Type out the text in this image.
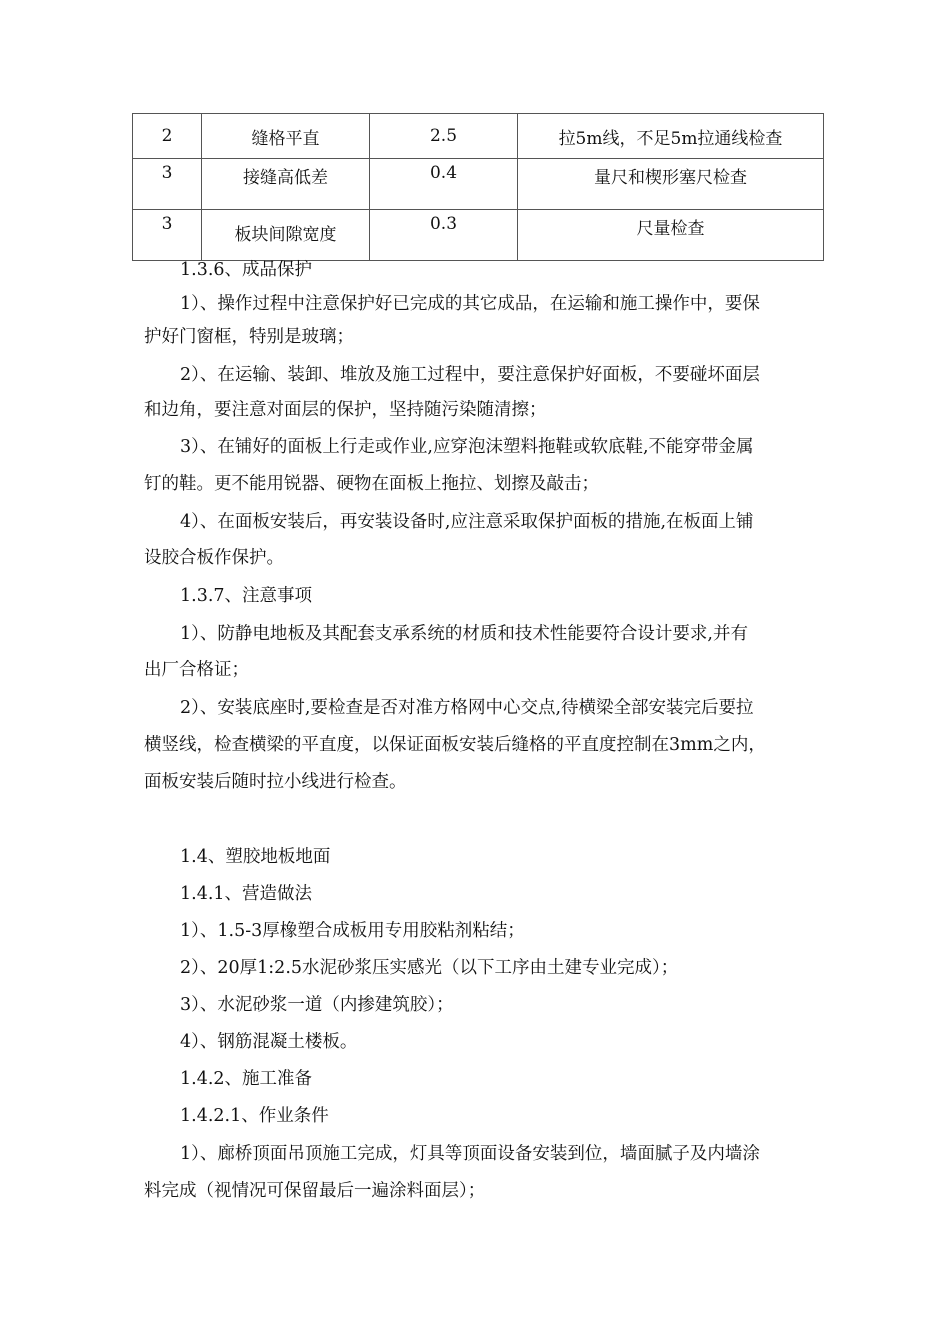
2	缝格平直	2.5	拉5m线，不足5m拉通线检查
3	接缝高低差	0.4	量尺和楔形塞尺检查
3	板块间隙宽度	0.3	尺量检查
1.3.6、成品保护
1）、操作过程中注意保护好已完成的其它成品，在运输和施工操作中，要保
护好门窗框，特别是玻璃；
2）、在运输、装卸、堆放及施工过程中，要注意保护好面板，不要碰坏面层
和边角，要注意对面层的保护，坚持随污染随清擦；
3）、在铺好的面板上行走或作业,应穿泡沫塑料拖鞋或软底鞋,不能穿带金属
钉的鞋。更不能用锐器、硬物在面板上拖拉、划擦及敲击；
4）、在面板安装后，再安装设备时,应注意采取保护面板的措施,在板面上铺
设胶合板作保护。
1.3.7、注意事项
1）、防静电地板及其配套支承系统的材质和技术性能要符合设计要求,并有
出厂合格证；
2）、安装底座时,要检查是否对准方格网中心交点,待横梁全部安装完后要拉
横竖线，检查横梁的平直度，以保证面板安装后缝格的平直度控制在3mm之内，
面板安装后随时拉小线进行检查。
1.4、塑胶地板地面
1.4.1、营造做法
1）、1.5-3厚橡塑合成板用专用胶粘剂粘结；
2）、20厚1:2.5水泥砂浆压实感光（以下工序由土建专业完成）；
3）、水泥砂浆一道（内掺建筑胶）；
4）、钢筋混凝土楼板。
1.4.2、施工准备
1.4.2.1、作业条件
1）、廊桥顶面吊顶施工完成，灯具等顶面设备安装到位，墙面腻子及内墙涂
料完成（视情况可保留最后一遍涂料面层）；
